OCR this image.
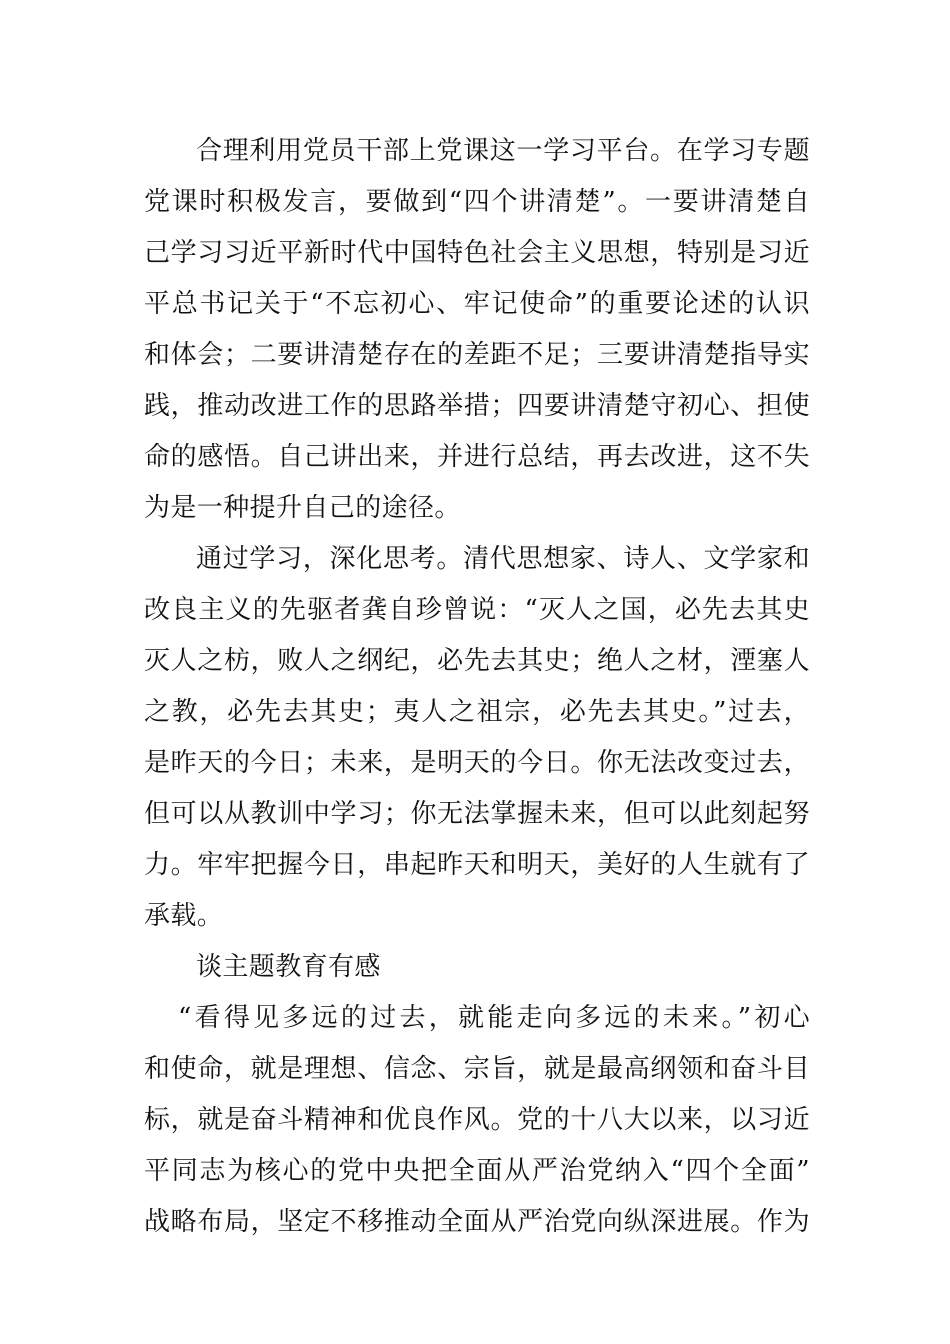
合理利用党员干部上党课这一学习平台。在学习专题

党课时积极发言，要做到“四个讲清楚”。一要讲清楚自

己学习习近平新时代中国特色社会主义思想，特别是习近

平总书记关于“不忘初心、牢记使命”的重要论述的认识

和体会；二要讲清楚存在的差距不足；三要讲清楚指导实

践，推动改进工作的思路举措；四要讲清楚守初心、担使

命的感悟。自己讲出来，并进行总结，再去改进，这不失

为是一种提升自己的途径。

通过学习，深化思考。清代思想家、诗人、文学家和

改良主义的先驱者龚自珍曾说：“灭人之国，必先去其史

灭人之枋，败人之纲纪，必先去其史；绝人之材，湮塞人

之教，必先去其史；夷人之祖宗，必先去其史。”过去，

是昨天的今日；未来，是明天的今日。你无法改变过去，

但可以从教训中学习；你无法掌握未来，但可以此刻起努

力。牢牢把握今日，串起昨天和明天，美好的人生就有了

承载。

谈主题教育有感

“看得见多远的过去，就能走向多远的未来。”初心

和使命，就是理想、信念、宗旨，就是最高纲领和奋斗目

标，就是奋斗精神和优良作风。党的十八大以来，以习近

平同志为核心的党中央把全面从严治党纳入“四个全面”

战略布局，坚定不移推动全面从严治党向纵深进展。作为
